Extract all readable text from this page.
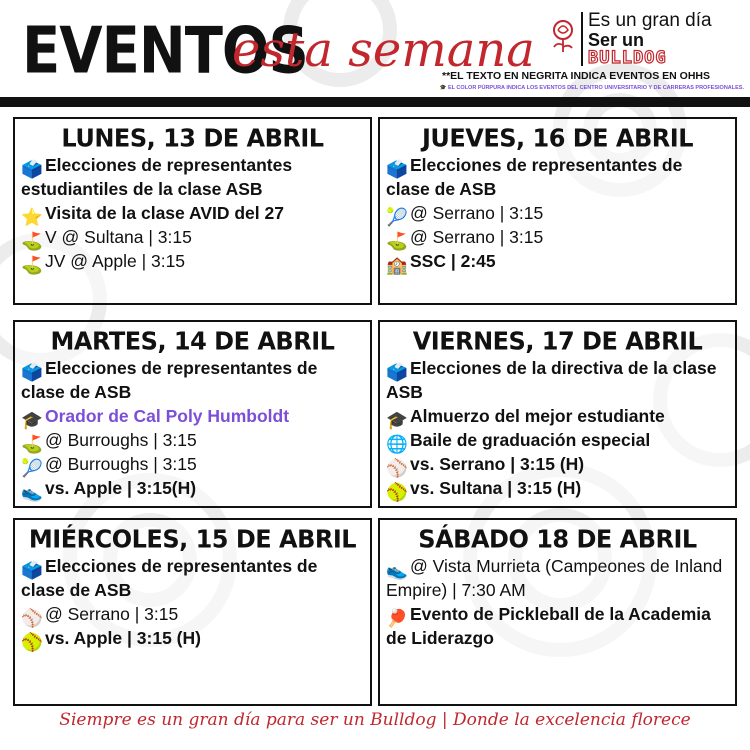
EVENTOS
esta semana
Es un gran día
Ser un
BULLDOG
**EL TEXTO EN NEGRITA INDICA EVENTOS EN OHHS
🎓 EL COLOR PÚRPURA INDICA LOS EVENTOS DEL CENTRO UNIVERSITARIO Y DE CARRERAS PROFESIONALES.
LUNES, 13 DE ABRIL
🗳️ Elecciones de representantes estudiantiles de la clase ASB
⭐ Visita de la clase AVID del 27
⛳ V @ Sultana | 3:15
⛳ JV @ Apple | 3:15
JUEVES, 16 DE ABRIL
🗳️ Elecciones de representantes de clase de ASB
🎾 @ Serrano | 3:15
⛳ @ Serrano | 3:15
🏫 SSC | 2:45
MARTES, 14 DE ABRIL
🗳️ Elecciones de representantes de clase de ASB
🎓 Orador de Cal Poly Humboldt
⛳ @ Burroughs | 3:15
🎾 @ Burroughs | 3:15
👟 vs. Apple | 3:15(H)
VIERNES, 17 DE ABRIL
🗳️ Elecciones de la directiva de la clase ASB
🎓 Almuerzo del mejor estudiante
🌐 Baile de graduación especial
⚾ vs. Serrano | 3:15 (H)
🥎 vs. Sultana | 3:15 (H)
MIÉRCOLES, 15 DE ABRIL
🗳️ Elecciones de representantes de clase de ASB
⚾ @ Serrano | 3:15
🥎 vs. Apple | 3:15 (H)
SÁBADO 18 DE ABRIL
👟 @ Vista Murrieta (Campeones de Inland Empire) | 7:30 AM
🏓 Evento de Pickleball de la Academia de Liderazgo
Siempre es un gran día para ser un Bulldog | Donde la excelencia florece
